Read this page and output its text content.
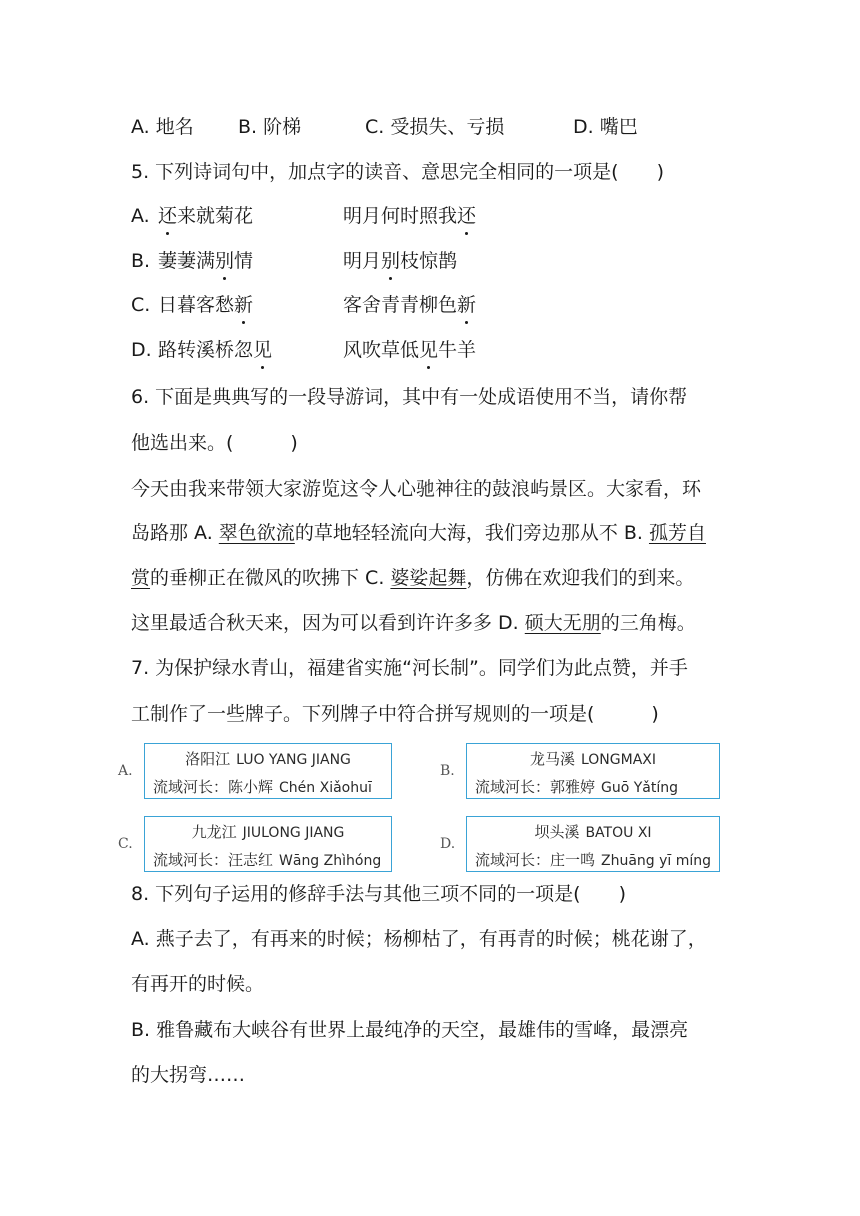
A. 地名 B. 阶梯	C. 受损失、亏损	D. 嘴巴
5. 下列诗词句中，加点字的读音、意思完全相同的一项是(　　)
A. 还来就菊花	明月何时照我还
B. 萋萋满别情	明月别枝惊鹊
C. 日暮客愁新	客舍青青柳色新
D. 路转溪桥忽见	风吹草低见牛羊
6. 下面是典典写的一段导游词，其中有一处成语使用不当，请你帮
他选出来。(　　　)
今天由我来带领大家游览这令人心驰神往的鼓浪屿景区。大家看，环
岛路那 A. 翠色欲流的草地轻轻流向大海，我们旁边那从不 B. 孤芳自
赏的垂柳正在微风的吹拂下 C. 婆娑起舞，仿佛在欢迎我们的到来。
这里最适合秋天来，因为可以看到许许多多 D. 硕大无朋的三角梅。
7. 为保护绿水青山，福建省实施“河长制”。同学们为此点赞，并手
工制作了一些牌子。下列牌子中符合拼写规则的一项是(　　　)
A.
洛阳江 LUO YANG JIANG
流域河长：陈小辉 Chén Xiǎohuī
B.
龙马溪 LONGMAXI
流域河长：郭雅婷 Guō Yǎtíng
C.
九龙江 JIULONG JIANG
流域河长：汪志红 Wāng Zhìhóng
D.
坝头溪 BATOU XI
流域河长：庄一鸣 Zhuāng yī míng
8. 下列句子运用的修辞手法与其他三项不同的一项是(　　)
A. 燕子去了，有再来的时候；杨柳枯了，有再青的时候；桃花谢了，
有再开的时候。
B. 雅鲁藏布大峡谷有世界上最纯净的天空，最雄伟的雪峰，最漂亮
的大拐弯……
